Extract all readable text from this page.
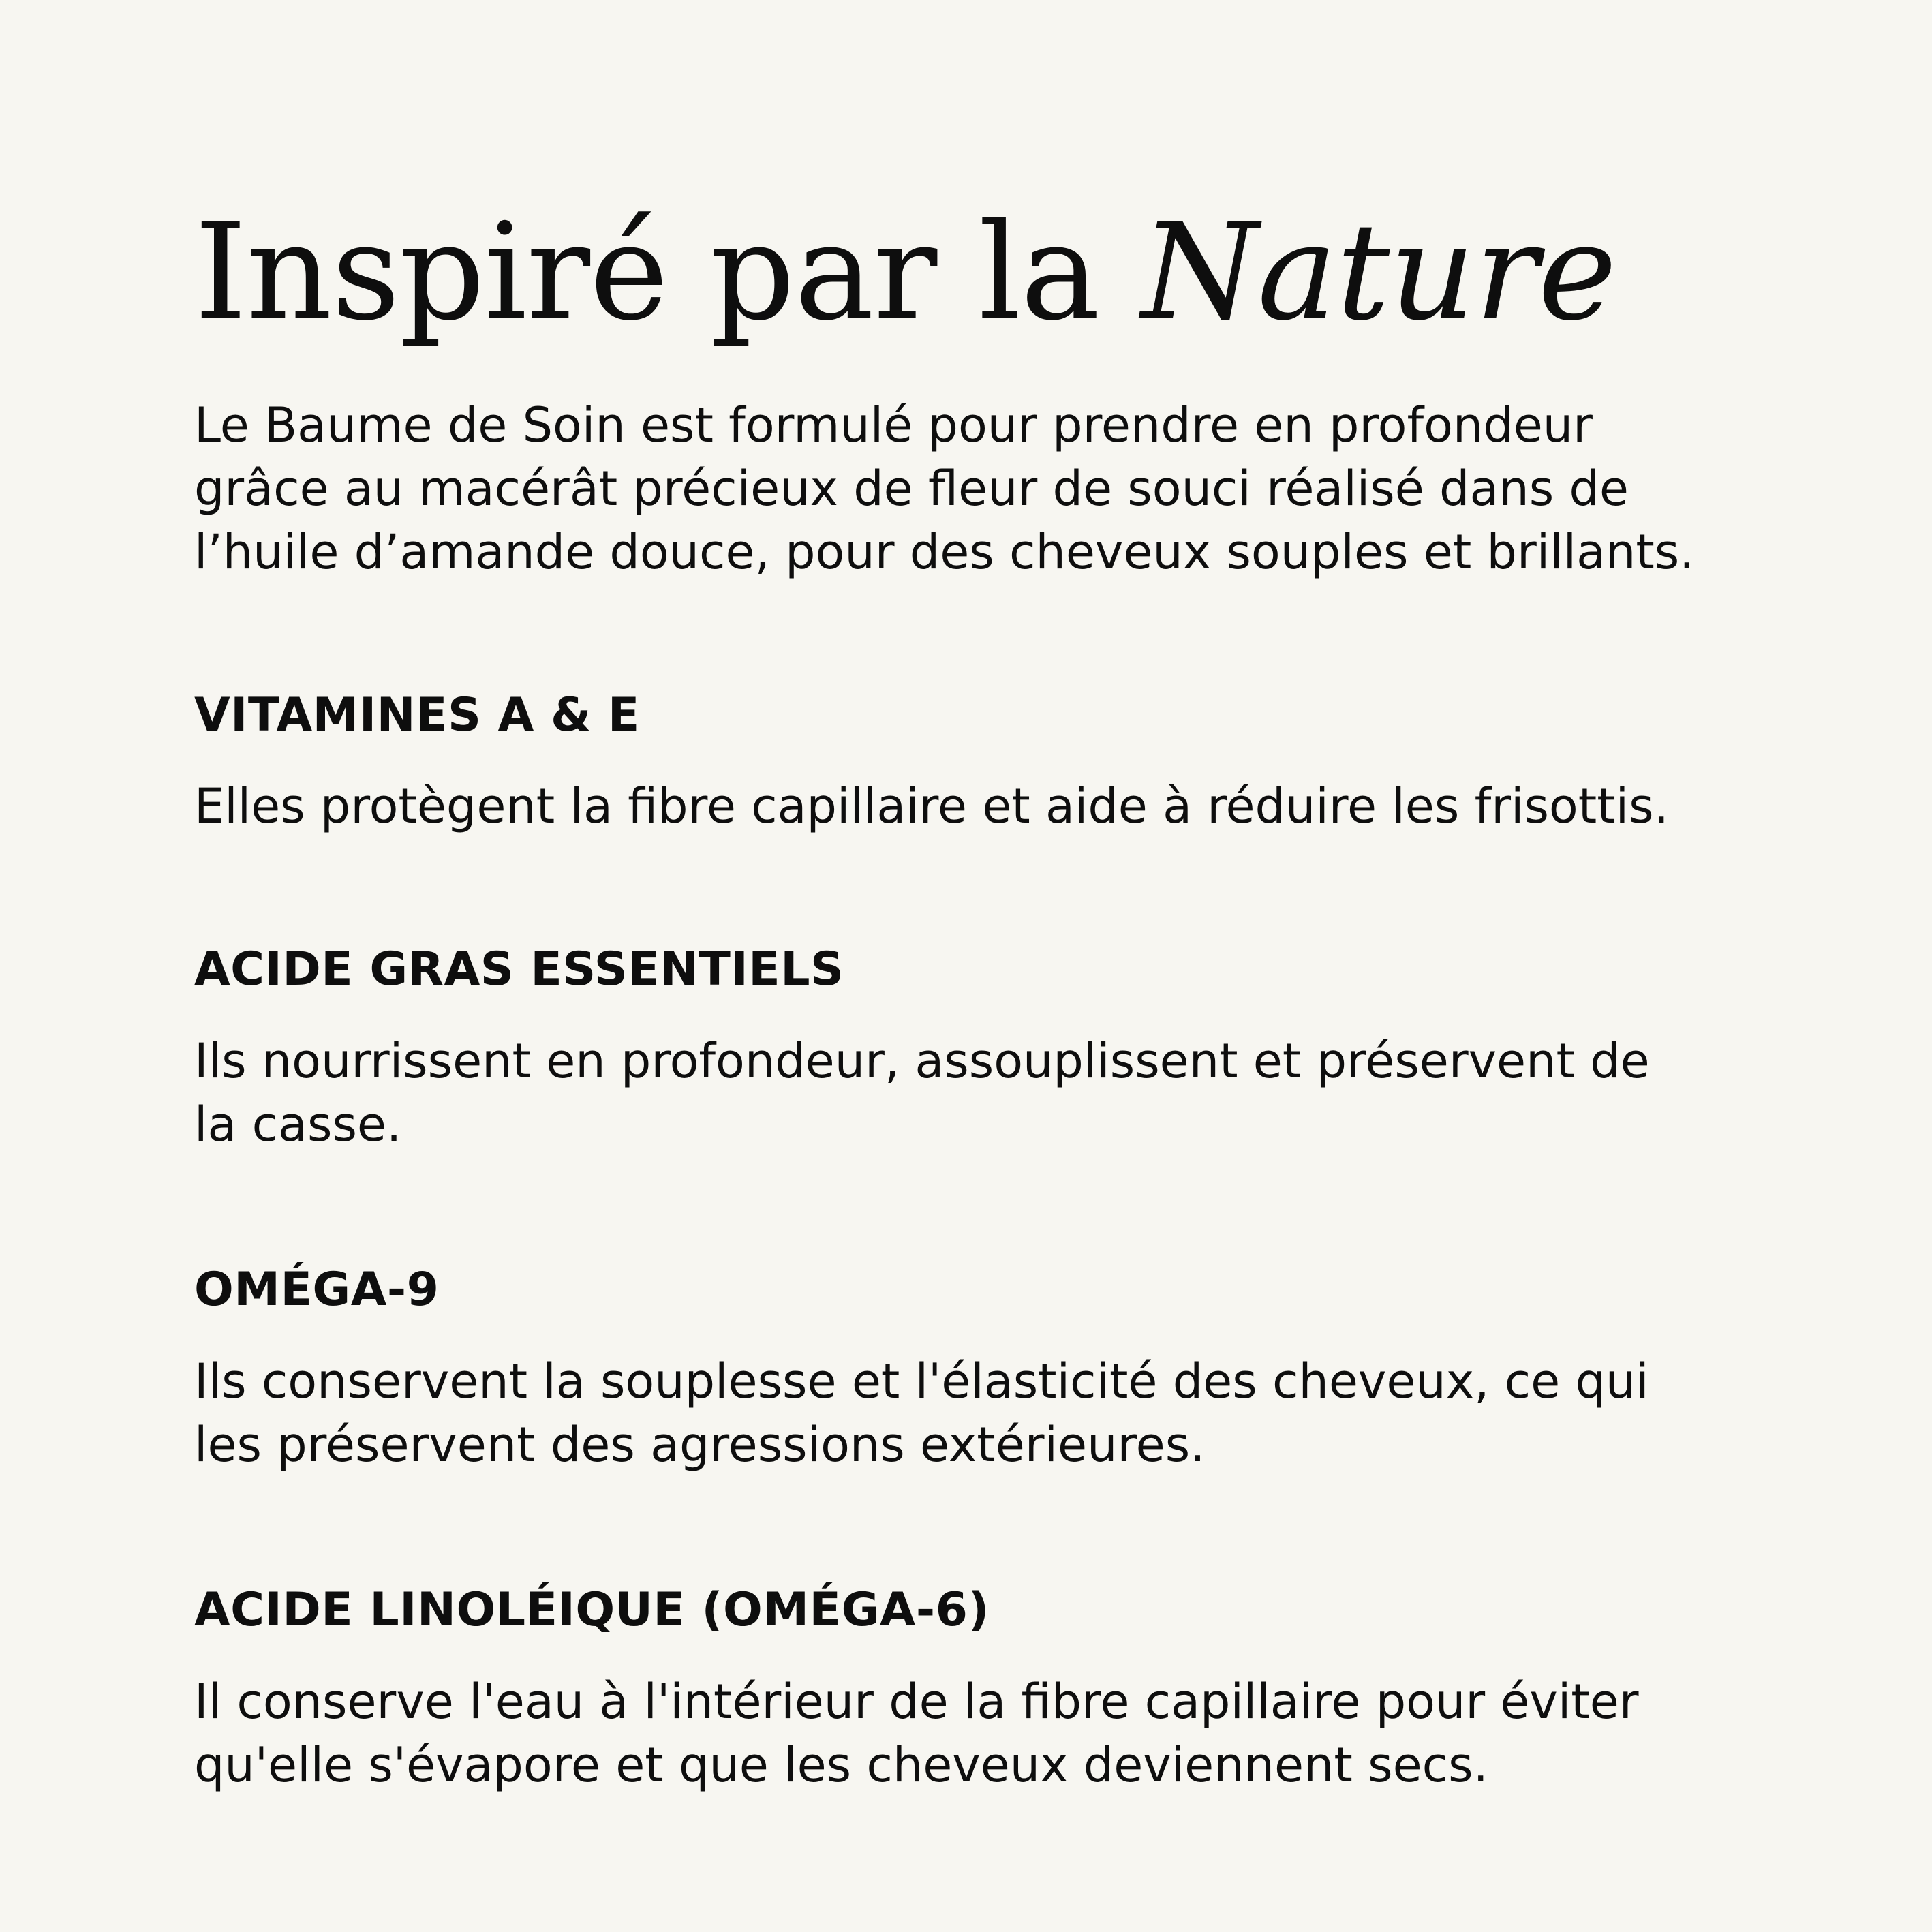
Inspiré par la Nature

Le Baume de Soin est formulé pour prendre en profondeur
grâce au macérât précieux de fleur de souci réalisé dans de
l’huile d’amande douce, pour des cheveux souples et brillants.

VITAMINES A & E

Elles protègent la fibre capillaire et aide à réduire les frisottis.

ACIDE GRAS ESSENTIELS

Ils nourrissent en profondeur, assouplissent et préservent de
la casse.

OMÉGA-9

Ils conservent la souplesse et l'élasticité des cheveux, ce qui
les préservent des agressions extérieures.

ACIDE LINOLÉIQUE (OMÉGA-6)

Il conserve l'eau à l'intérieur de la fibre capillaire pour éviter
qu'elle s'évapore et que les cheveux deviennent secs.
